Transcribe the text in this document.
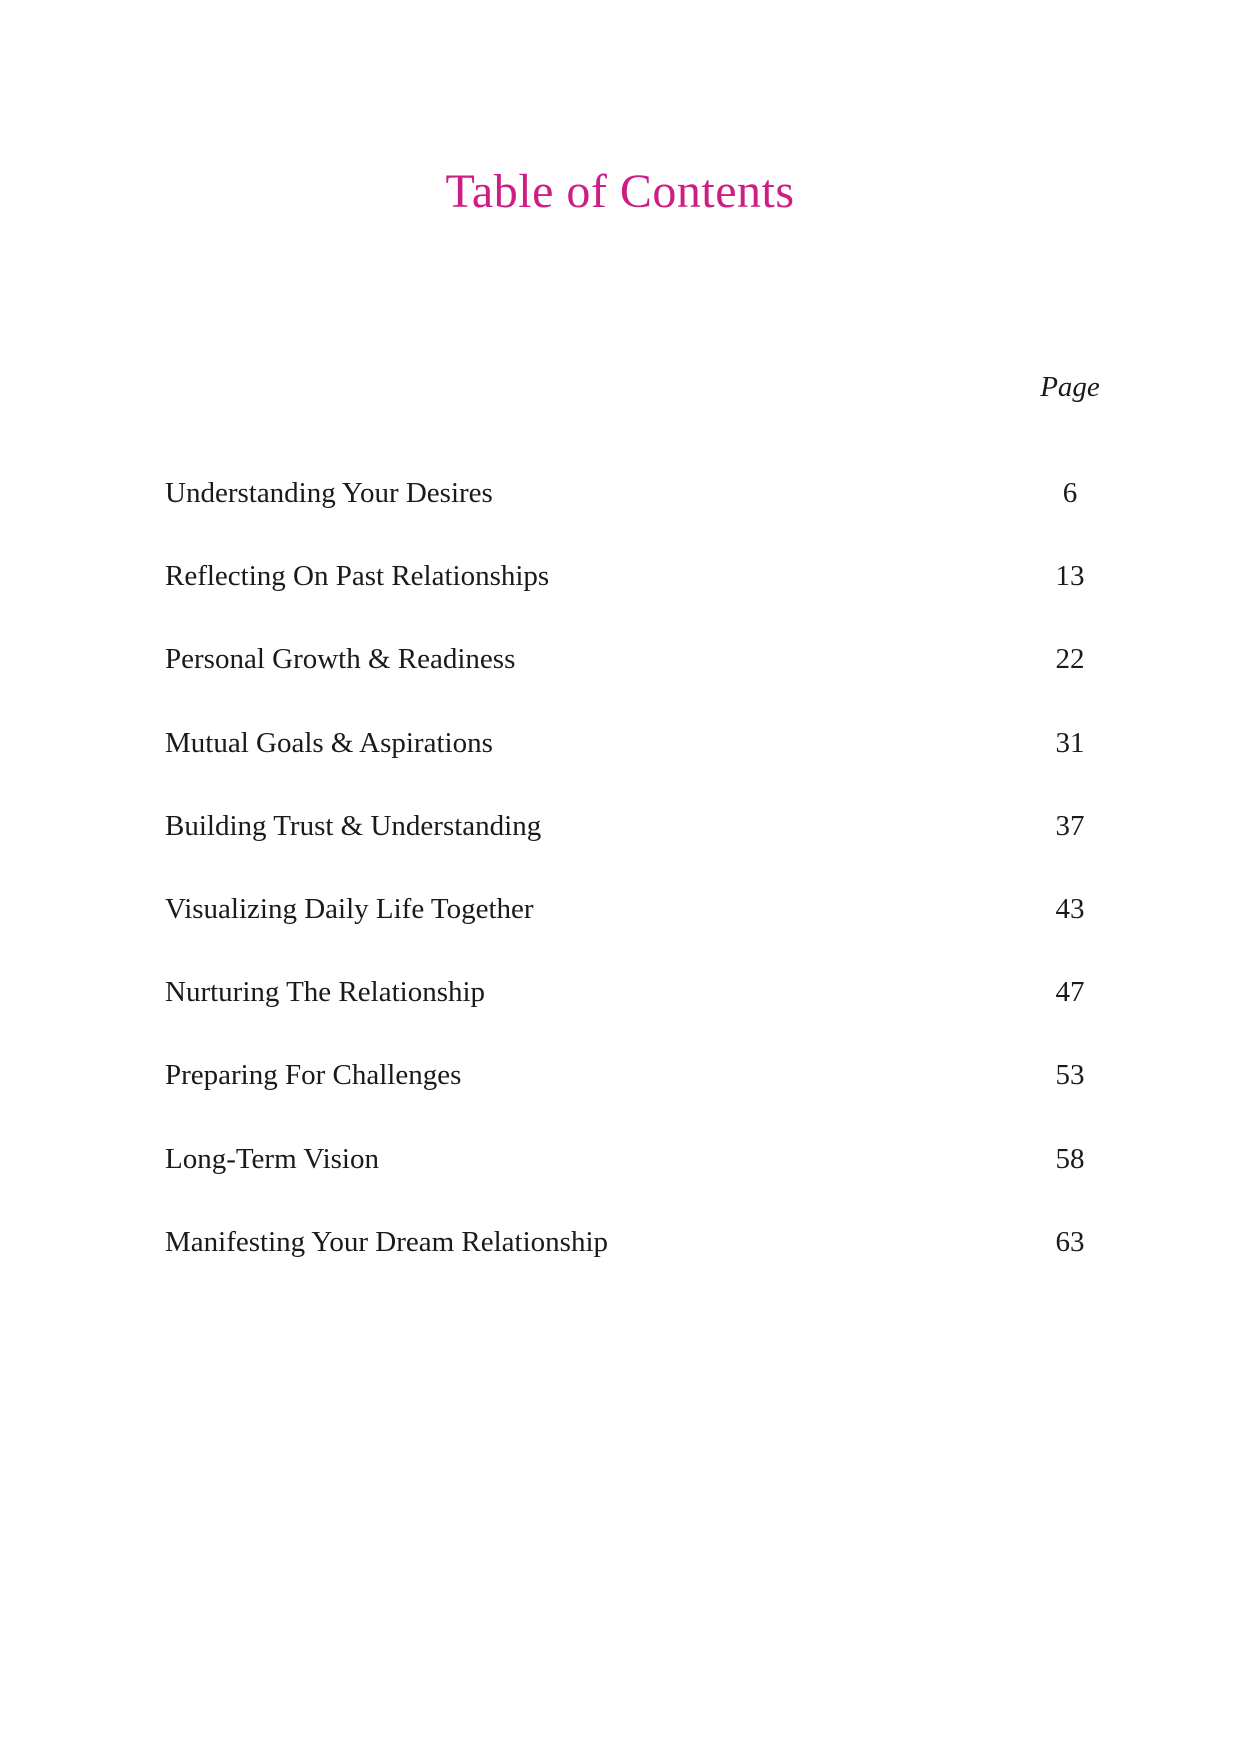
Table of Contents
Page
Understanding Your Desires	6
Reflecting On Past Relationships	13
Personal Growth & Readiness	22
Mutual Goals & Aspirations	31
Building Trust & Understanding	37
Visualizing Daily Life Together	43
Nurturing The Relationship	47
Preparing For Challenges	53
Long-Term Vision	58
Manifesting Your Dream Relationship	63
